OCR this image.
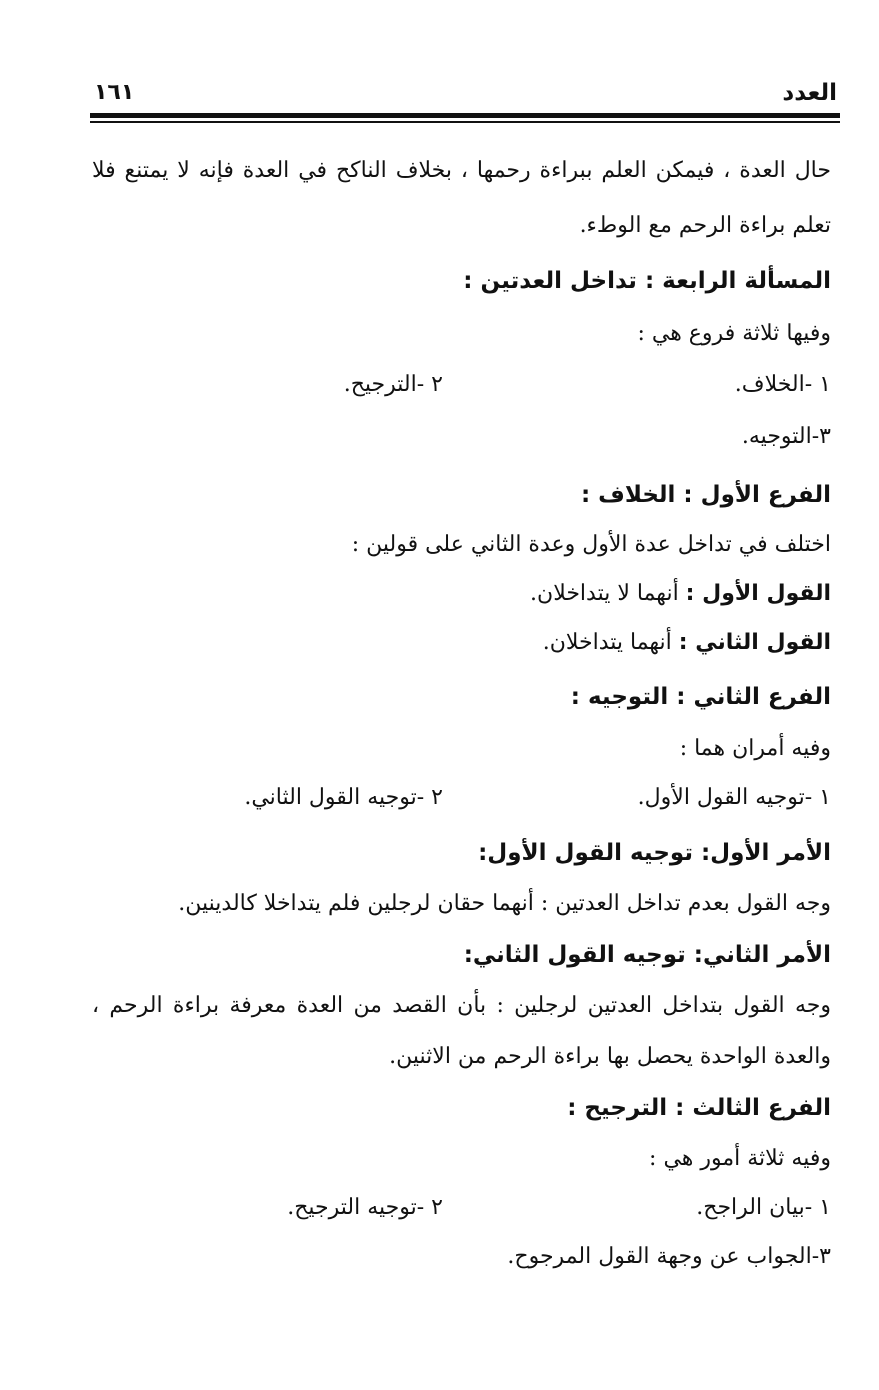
العدد
١٦١
حال العدة ، فيمكن العلم ببراءة رحمها ، بخلاف الناكح في العدة فإنه لا يمتنع فلا
تعلم براءة الرحم مع الوطء.
المسألة الرابعة : تداخل العدتين :
وفيها ثلاثة فروع هي :
١ -الخلاف.
٢ -الترجيح.
٣-التوجيه.
الفرع الأول : الخلاف :
اختلف في تداخل عدة الأول وعدة الثاني على قولين :
القول الأول : أنهما لا يتداخلان.
القول الثاني : أنهما يتداخلان.
الفرع الثاني : التوجيه :
وفيه أمران هما :
١ -توجيه القول الأول.
٢ -توجيه القول الثاني.
الأمر الأول: توجيه القول الأول:
وجه القول بعدم تداخل العدتين : أنهما حقان لرجلين فلم يتداخلا كالدينين.
الأمر الثاني: توجيه القول الثاني:
وجه القول بتداخل العدتين لرجلين : بأن القصد من العدة معرفة براءة الرحم ،
والعدة الواحدة يحصل بها براءة الرحم من الاثنين.
الفرع الثالث : الترجيح :
وفيه ثلاثة أمور هي :
١ -بيان الراجح.
٢ -توجيه الترجيح.
٣-الجواب عن وجهة القول المرجوح.
